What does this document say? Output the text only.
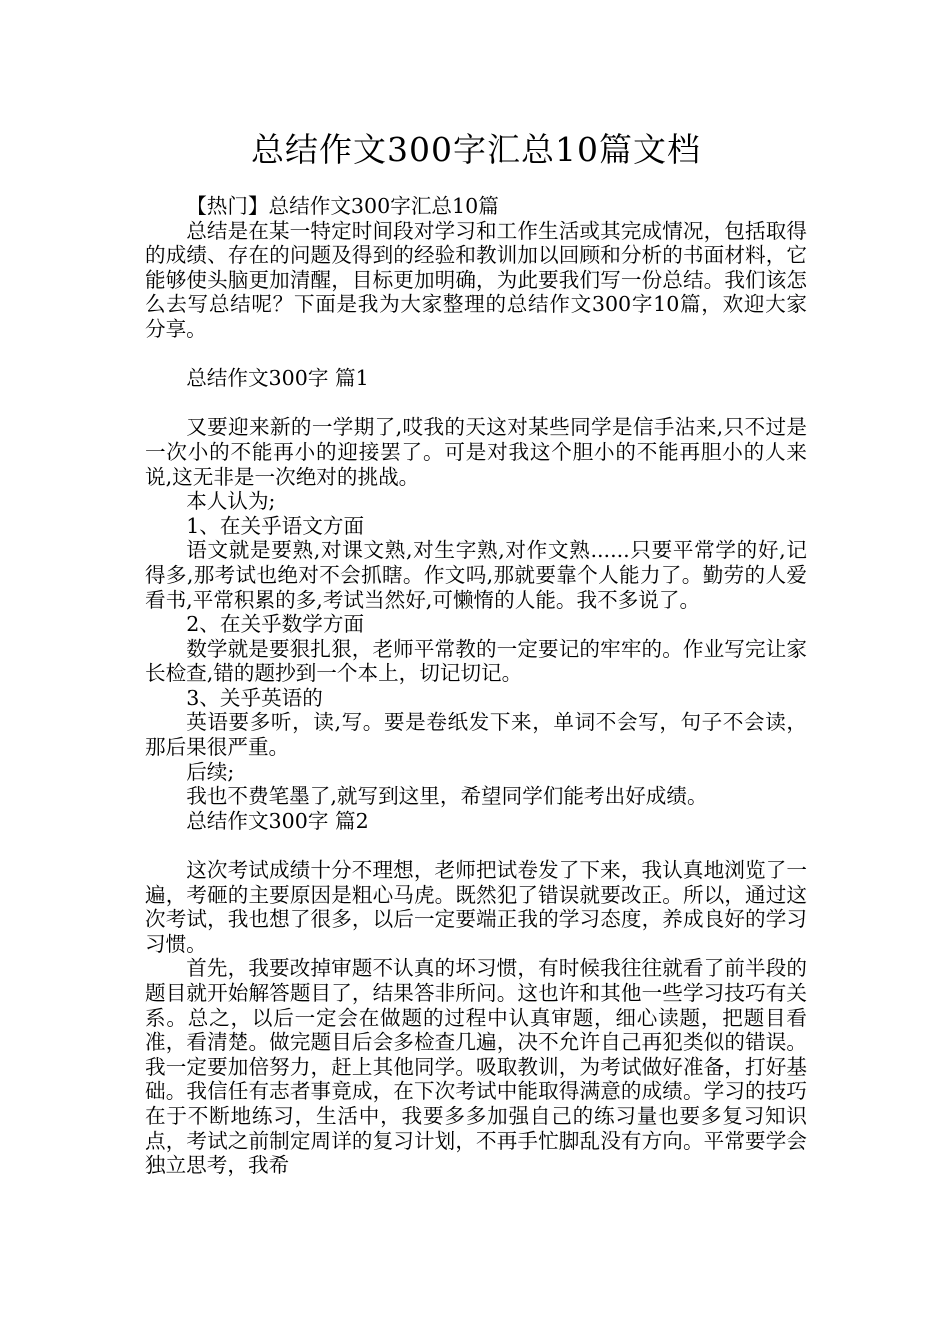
总结作文300字汇总10篇文档

【热门】总结作文300字汇总10篇

总结是在某一特定时间段对学习和工作生活或其完成情况，包括取得的成绩、存在的问题及得到的经验和教训加以回顾和分析的书面材料，它能够使头脑更加清醒，目标更加明确，为此要我们写一份总结。我们该怎么去写总结呢？下面是我为大家整理的总结作文300字10篇，欢迎大家分享。

总结作文300字 篇1

又要迎来新的一学期了,哎我的天这对某些同学是信手沾来,只不过是一次小的不能再小的迎接罢了。可是对我这个胆小的不能再胆小的人来说,这无非是一次绝对的挑战。

本人认为;

1、在关乎语文方面

语文就是要熟,对课文熟,对生字熟,对作文熟......只要平常学的好,记得多,那考试也绝对不会抓瞎。作文吗,那就要靠个人能力了。勤劳的人爱看书,平常积累的多,考试当然好,可懒惰的人能。我不多说了。

2、在关乎数学方面

数学就是要狠扎狠，老师平常教的一定要记的牢牢的。作业写完让家长检查,错的题抄到一个本上，切记切记。

3、关乎英语的

英语要多听，读,写。要是卷纸发下来，单词不会写，句子不会读，那后果很严重。

后续;

我也不费笔墨了,就写到这里，希望同学们能考出好成绩。

总结作文300字 篇2

这次考试成绩十分不理想，老师把试卷发了下来，我认真地浏览了一遍，考砸的主要原因是粗心马虎。既然犯了错误就要改正。所以，通过这次考试，我也想了很多，以后一定要端正我的学习态度，养成良好的学习习惯。

首先，我要改掉审题不认真的坏习惯，有时候我往往就看了前半段的题目就开始解答题目了，结果答非所问。这也许和其他一些学习技巧有关系。总之，以后一定会在做题的过程中认真审题，细心读题，把题目看准，看清楚。做完题目后会多检查几遍，决不允许自己再犯类似的错误。我一定要加倍努力，赶上其他同学。吸取教训，为考试做好准备，打好基础。我信任有志者事竟成，在下次考试中能取得满意的成绩。学习的技巧在于不断地练习，生活中，我要多多加强自己的练习量也要多复习知识点，考试之前制定周详的复习计划，不再手忙脚乱没有方向。平常要学会独立思考，我希
